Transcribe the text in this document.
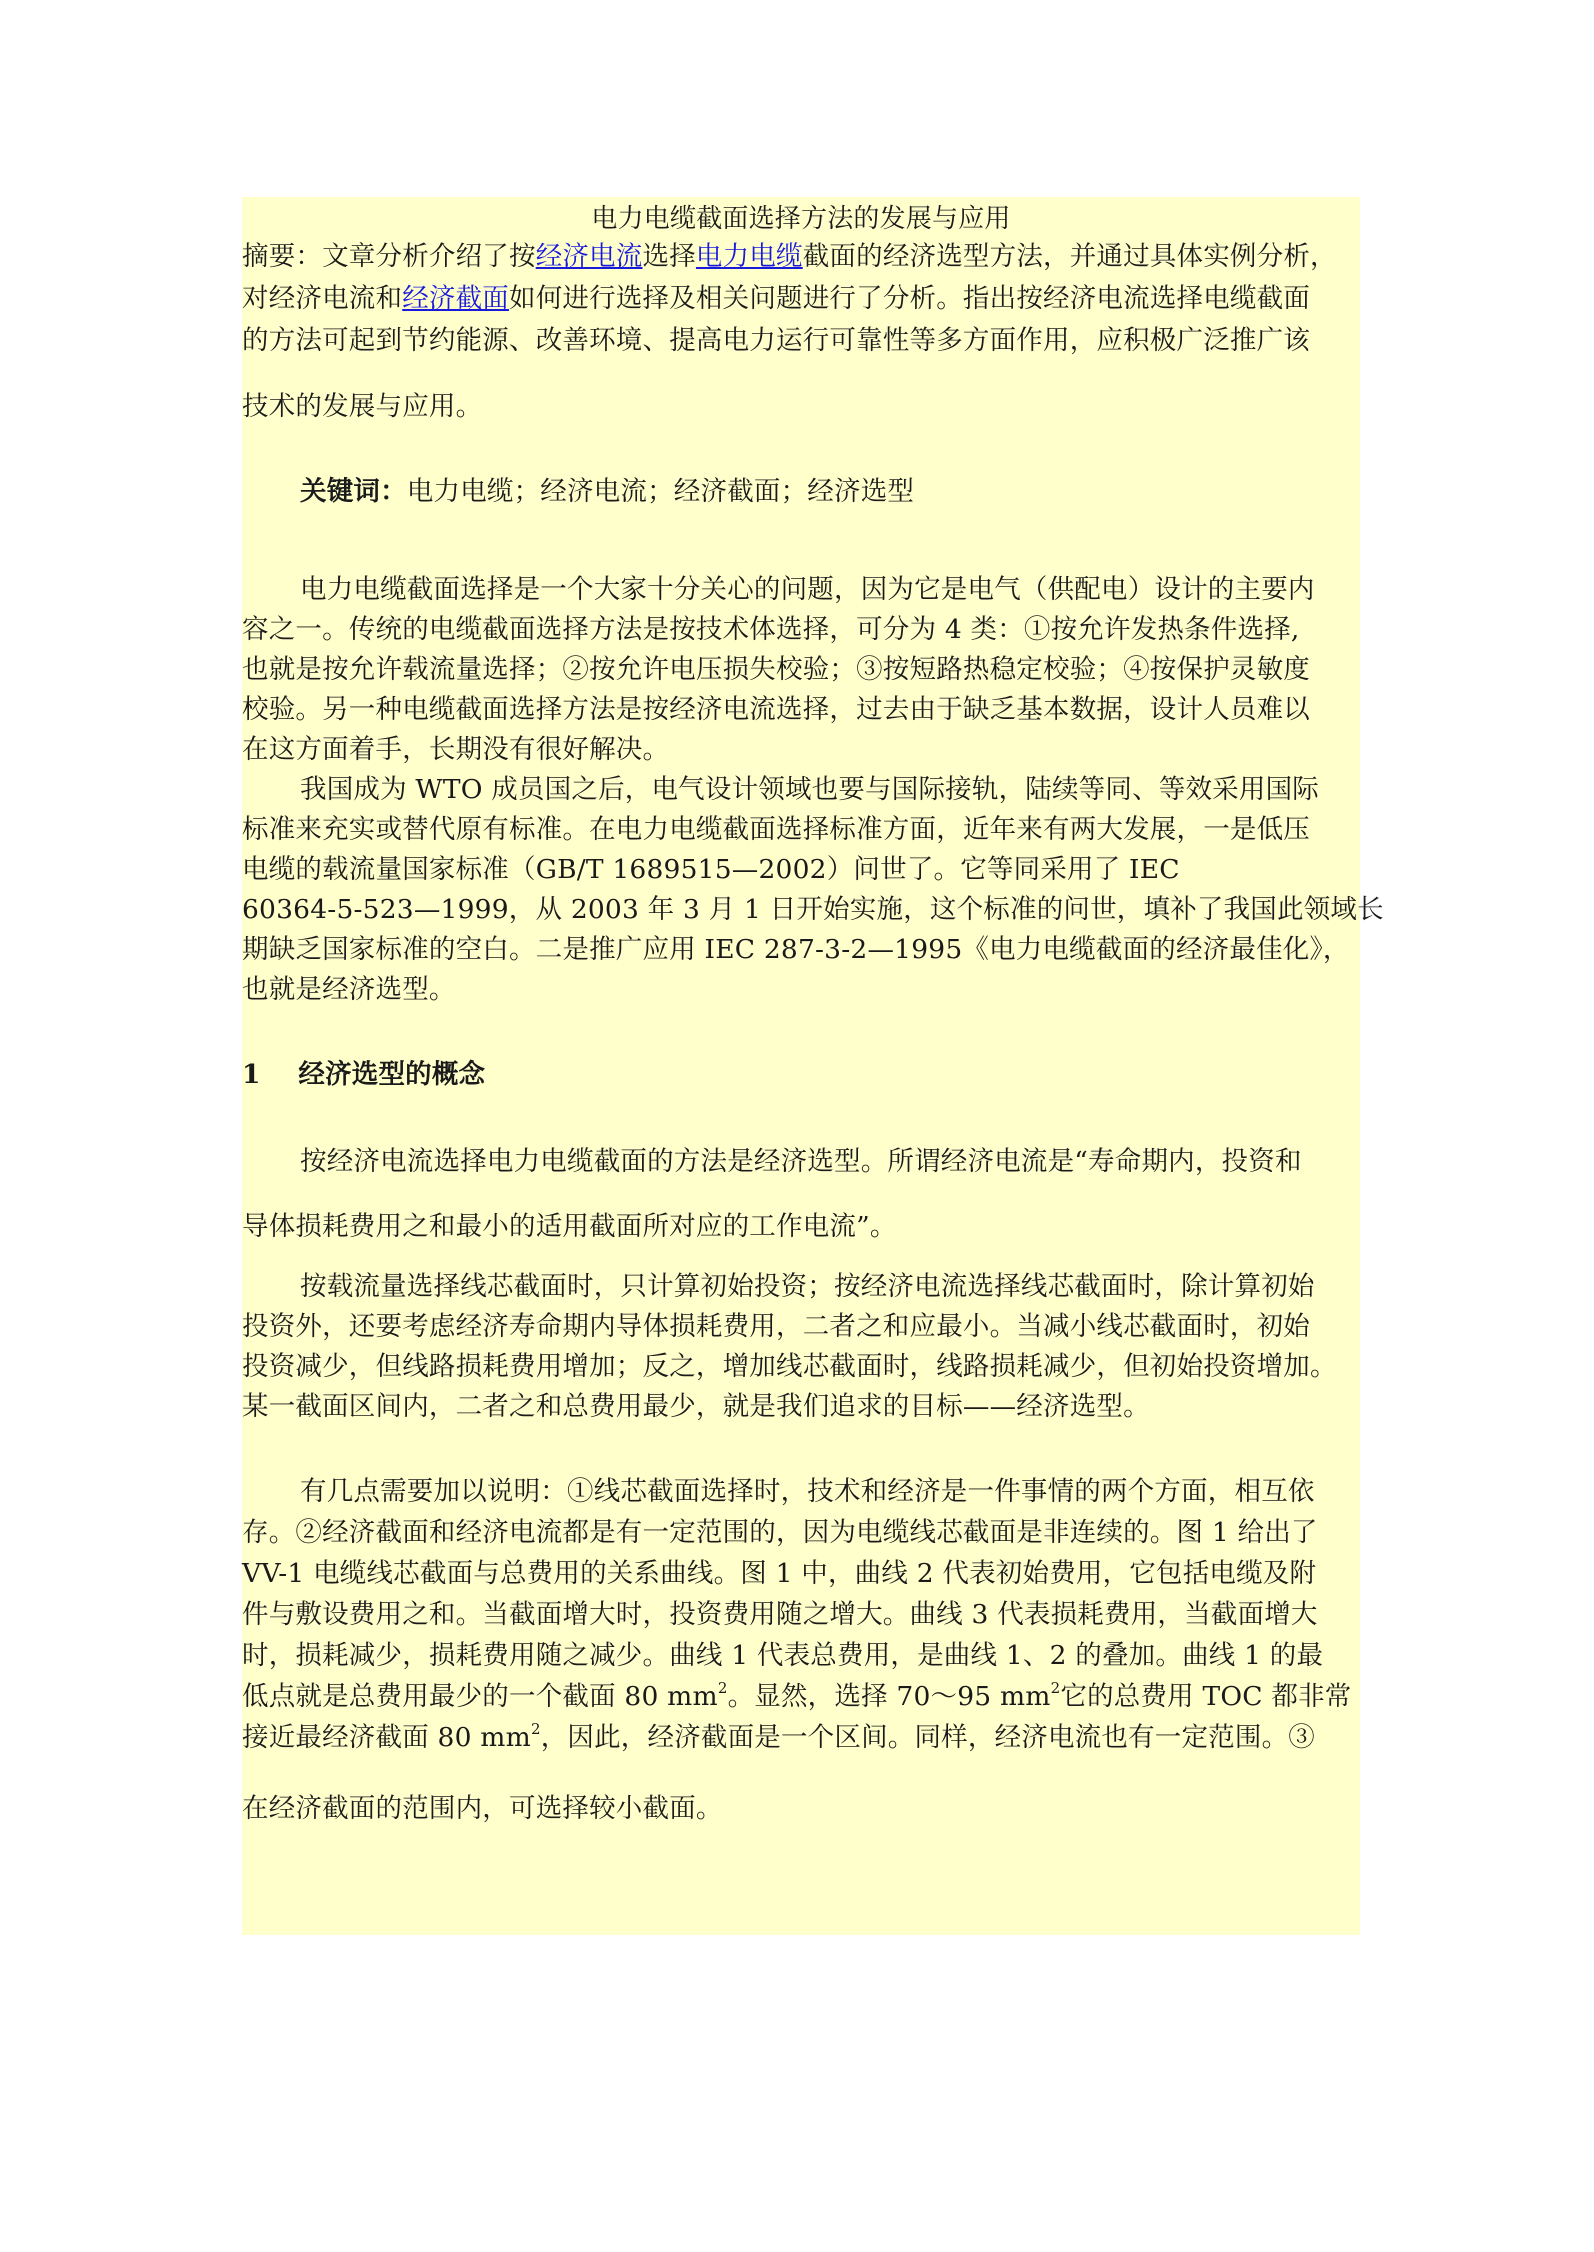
电力电缆截面选择方法的发展与应用
摘要：文章分析介绍了按经济电流选择电力电缆截面的经济选型方法，并通过具体实例分析，
对经济电流和经济截面如何进行选择及相关问题进行了分析。指出按经济电流选择电缆截面
的方法可起到节约能源、改善环境、提高电力运行可靠性等多方面作用，应积极广泛推广该
技术的发展与应用。
关键词：电力电缆；经济电流；经济截面；经济选型
电力电缆截面选择是一个大家十分关心的问题，因为它是电气（供配电）设计的主要内
容之一。传统的电缆截面选择方法是按技术体选择，可分为 4 类：①按允许发热条件选择,
也就是按允许载流量选择；②按允许电压损失校验；③按短路热稳定校验；④按保护灵敏度
校验。另一种电缆截面选择方法是按经济电流选择，过去由于缺乏基本数据，设计人员难以
在这方面着手，长期没有很好解决。
我国成为 WTO 成员国之后，电气设计领域也要与国际接轨，陆续等同、等效采用国际
标准来充实或替代原有标准。在电力电缆截面选择标准方面，近年来有两大发展，一是低压
电缆的载流量国家标准（GB/T 1689515—2002）问世了。它等同采用了 IEC
60364-5-523—1999，从 2003 年 3 月 1 日开始实施，这个标准的问世，填补了我国此领域长
期缺乏国家标准的空白。二是推广应用 IEC 287-3-2—1995《电力电缆截面的经济最佳化》，
也就是经济选型。
1    经济选型的概念
按经济电流选择电力电缆截面的方法是经济选型。所谓经济电流是“寿命期内，投资和
导体损耗费用之和最小的适用截面所对应的工作电流”。
按载流量选择线芯截面时，只计算初始投资；按经济电流选择线芯截面时，除计算初始
投资外，还要考虑经济寿命期内导体损耗费用，二者之和应最小。当减小线芯截面时，初始
投资减少，但线路损耗费用增加；反之，增加线芯截面时，线路损耗减少，但初始投资增加。
某一截面区间内，二者之和总费用最少，就是我们追求的目标——经济选型。
有几点需要加以说明：①线芯截面选择时，技术和经济是一件事情的两个方面，相互依
存。②经济截面和经济电流都是有一定范围的，因为电缆线芯截面是非连续的。图 1 给出了
VV-1 电缆线芯截面与总费用的关系曲线。图 1 中，曲线 2 代表初始费用，它包括电缆及附
件与敷设费用之和。当截面增大时，投资费用随之增大。曲线 3 代表损耗费用，当截面增大
时，损耗减少，损耗费用随之减少。曲线 1 代表总费用，是曲线 1、2 的叠加。曲线 1 的最
低点就是总费用最少的一个截面 80 $mm^2$。显然，选择 70～95 $mm^2$它的总费用 TOC 都非常
接近最经济截面 80 $mm^2$，因此，经济截面是一个区间。同样，经济电流也有一定范围。③
在经济截面的范围内，可选择较小截面。
